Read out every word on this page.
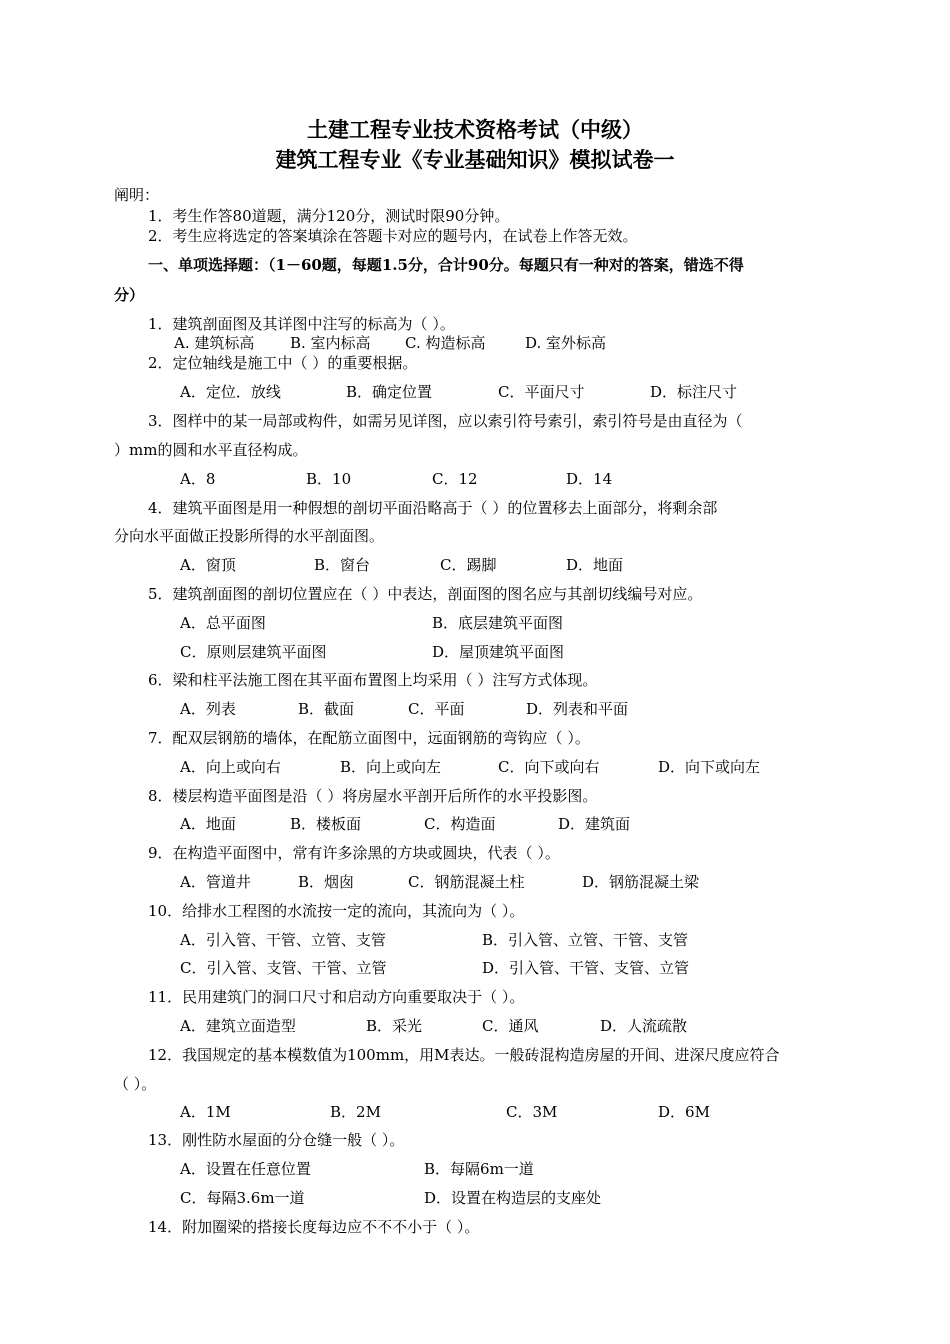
土建工程专业技术资格考试（中级）
建筑工程专业《专业基础知识》模拟试卷一
阐明：
1．考生作答80道题，满分120分，测试时限90分钟。
2．考生应将选定的答案填涂在答题卡对应的题号内，在试卷上作答无效。
一、单项选择题：（1－60题，每题1.5分，合计90分。每题只有一种对的答案，错选不得
分）
1．建筑剖面图及其详图中注写的标高为（ ）。
A. 建筑标高 B. 室内标高 C. 构造标高	D. 室外标高
2．定位轴线是施工中（ ）的重要根据。
A．定位．放线	B．确定位置	C．平面尺寸	D．标注尺寸
3．图样中的某一局部或构件，如需另见详图，应以索引符号索引，索引符号是由直径为（
）mm的圆和水平直径构成。
A．8	B．10	C．12	D．14
4．建筑平面图是用一种假想的剖切平面沿略高于（ ）的位置移去上面部分，将剩余部
分向水平面做正投影所得的水平剖面图。
A．窗顶	B．窗台	C．踢脚	D．地面
5．建筑剖面图的剖切位置应在（ ）中表达，剖面图的图名应与其剖切线编号对应。
A．总平面图	B．底层建筑平面图
C．原则层建筑平面图	D．屋顶建筑平面图
6．梁和柱平法施工图在其平面布置图上均采用（ ）注写方式体现。
A．列表	B．截面	C．平面	D．列表和平面
7．配双层钢筋的墙体，在配筋立面图中，远面钢筋的弯钩应（ ）。
A．向上或向右	B．向上或向左	C．向下或向右	D．向下或向左
8．楼层构造平面图是沿（ ）将房屋水平剖开后所作的水平投影图。
A．地面	B．楼板面	C．构造面	D．建筑面
9．在构造平面图中，常有许多涂黑的方块或圆块，代表（ ）。
A．管道井	B．烟囱	C．钢筋混凝土柱	D．钢筋混凝土梁
10．给排水工程图的水流按一定的流向，其流向为（ ）。
A．引入管、干管、立管、支管	B．引入管、立管、干管、支管
C．引入管、支管、干管、立管	D．引入管、干管、支管、立管
11．民用建筑门的洞口尺寸和启动方向重要取决于（ ）。
A．建筑立面造型	B．采光	C．通风	D．人流疏散
12．我国规定的基本模数值为100mm，用M表达。一般砖混构造房屋的开间、进深尺度应符合
（ ）。
A．1M	B．2M	C．3M	D．6M
13．刚性防水屋面的分仓缝一般（ ）。
A．设置在任意位置	B．每隔6m一道
C．每隔3.6m一道	D．设置在构造层的支座处
14．附加圈梁的搭接长度每边应不不不小于（ ）。
